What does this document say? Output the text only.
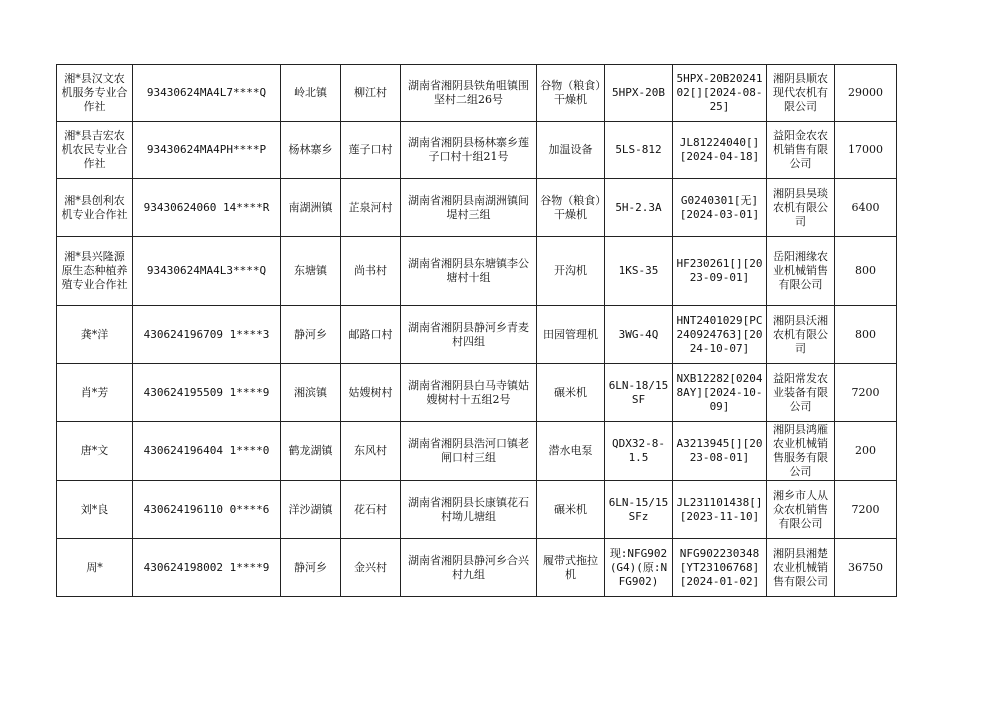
湘*县汉文农机服务专业合作社	93430624MA4L7****Q	岭北镇	柳江村	湖南省湘阴县铁角咀镇围坚村二组26号	谷物（粮食）干燥机	5HPX-20B	5HPX-20B2024102[][2024-08-25]	湘阴县顺农现代农机有限公司	29000
湘*县吉宏农机农民专业合作社	93430624MA4PH****P	杨林寨乡	莲子口村	湖南省湘阴县杨林寨乡莲子口村十组21号	加温设备	5LS-812	JL81224040[][2024-04-18]	益阳金农农机销售有限公司	17000
湘*县创利农机专业合作社	93430624060 14****R	南湖洲镇	芷泉河村	湖南省湘阴县南湖洲镇间堤村三组	谷物（粮食）干燥机	5H-2.3A	G0240301[无][2024-03-01]	湘阴县昊琰农机有限公司	6400
湘*县兴隆源原生态种植养殖专业合作社	93430624MA4L3****Q	东塘镇	尚书村	湖南省湘阴县东塘镇李公塘村十组	开沟机	1KS-35	HF230261[][2023-09-01]	岳阳湘缘农业机械销售有限公司	800
龚*洋	430624196709 1****3	静河乡	邮路口村	湖南省湘阴县静河乡青麦村四组	田园管理机	3WG-4Q	HNT2401029[PC240924763][2024-10-07]	湘阴县沃湘农机有限公司	800
肖*芳	430624195509 1****9	湘滨镇	姑嫂树村	湖南省湘阴县白马寺镇姑嫂树村十五组2号	碾米机	6LN-18/15SF	NXB12282[02048AY][2024-10-09]	益阳常发农业装备有限公司	7200
唐*文	430624196404 1****0	鹤龙湖镇	东风村	湖南省湘阴县浩河口镇老闸口村三组	潜水电泵	QDX32-8-1.5	A3213945[][2023-08-01]	湘阴县鸿雁农业机械销售服务有限公司	200
刘*良	430624196110 0****6	洋沙湖镇	花石村	湖南省湘阴县长康镇花石村坳儿塘组	碾米机	6LN-15/15SFz	JL231101438[][2023-11-10]	湘乡市人从众农机销售有限公司	7200
周*	430624198002 1****9	静河乡	金兴村	湖南省湘阴县静河乡合兴村九组	履带式拖拉机	现:NFG902(G4)(原:NFG902)	NFG902230348[YT23106768][2024-01-02]	湘阴县湘楚农业机械销售有限公司	36750
